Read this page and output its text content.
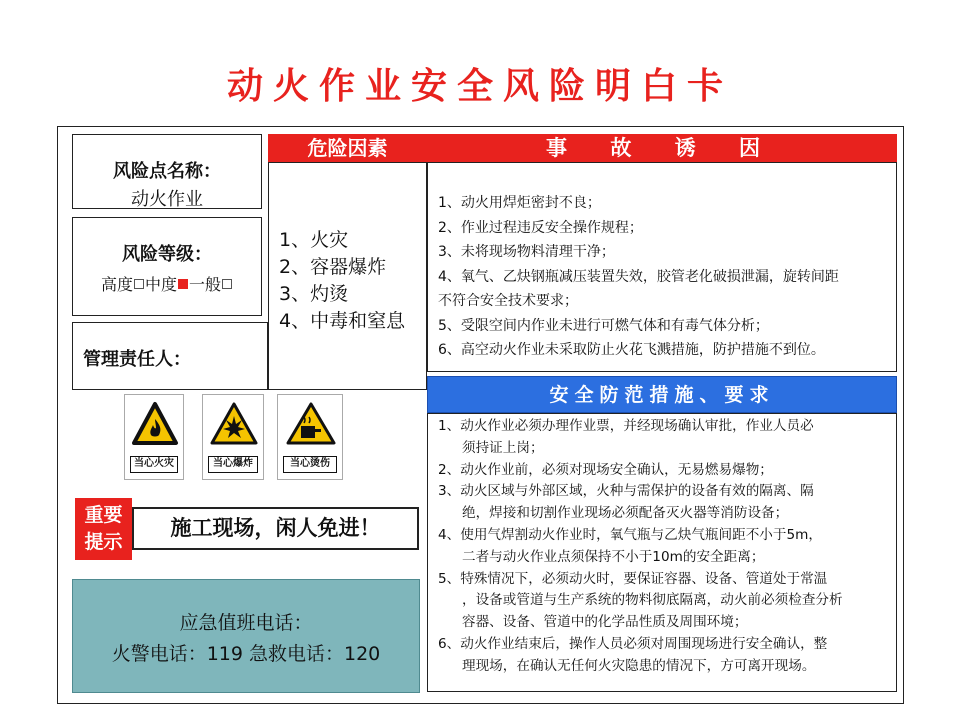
动火作业安全风险明白卡
风险点名称：
动火作业
风险等级：
高度 中度 一般
管理责任人：
危险因素
1、火灾
2、容器爆炸
3、灼烫
4、中毒和窒息
事 故 诱 因
1、动火用焊炬密封不良；
2、作业过程违反安全操作规程；
3、未将现场物料清理干净；
4、氧气、乙炔钢瓶减压装置失效，胶管老化破损泄漏，旋转间距
不符合安全技术要求；
5、受限空间内作业未进行可燃气体和有毒气体分析；
6、高空动火作业未采取防止火花飞溅措施，防护措施不到位。
安全防范措施、要求
1、动火作业必须办理作业票，并经现场确认审批，作业人员必
须持证上岗；
2、动火作业前，必须对现场安全确认，无易燃易爆物；
3、动火区域与外部区域，火种与需保护的设备有效的隔离、隔
绝，焊接和切割作业现场必须配备灭火器等消防设备；
4、使用气焊割动火作业时，氧气瓶与乙炔气瓶间距不小于5m，
二者与动火作业点须保持不小于10m的安全距离；
5、特殊情况下，必须动火时，要保证容器、设备、管道处于常温
，设备或管道与生产系统的物料彻底隔离，动火前必须检查分析
容器、设备、管道中的化学品性质及周围环境；
6、动火作业结束后，操作人员必须对周围现场进行安全确认，整
理现场，在确认无任何火灾隐患的情况下，方可离开现场。
当心火灾	当心爆炸	当心烫伤
重要
提示
施工现场，闲人免进！
应急值班电话：
火警电话：119 急救电话：120
